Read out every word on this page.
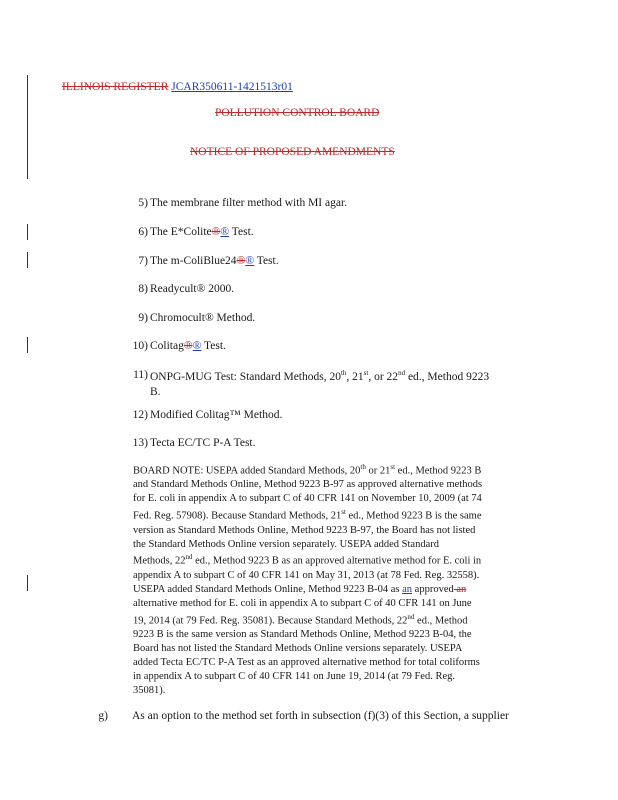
ILLINOIS REGISTER JCAR350611-1421513r01
POLLUTION CONTROL BOARD
NOTICE OF PROPOSED AMENDMENTS
5) The membrane filter method with MI agar.
6) The E*Colite®® Test.
7) The m-ColiBlue24®® Test.
8) Readycult® 2000.
9) Chromocult® Method.
10) Colitag®® Test.
11) ONPG-MUG Test: Standard Methods, 20th, 21st, or 22nd ed., Method 9223
B.
12) Modified Colitag™ Method.
13) Tecta EC/TC P-A Test.
BOARD NOTE: USEPA added Standard Methods, 20th or 21st ed., Method 9223 B
and Standard Methods Online, Method 9223 B-97 as approved alternative methods
for E. coli in appendix A to subpart C of 40 CFR 141 on November 10, 2009 (at 74
Fed. Reg. 57908). Because Standard Methods, 21st ed., Method 9223 B is the same
version as Standard Methods Online, Method 9223 B-97, the Board has not listed
the Standard Methods Online version separately. USEPA added Standard
Methods, 22nd ed., Method 9223 B as an approved alternative method for E. coli in
appendix A to subpart C of 40 CFR 141 on May 31, 2013 (at 78 Fed. Reg. 32558).
USEPA added Standard Methods Online, Method 9223 B-04 as an approved an
alternative method for E. coli in appendix A to subpart C of 40 CFR 141 on June
19, 2014 (at 79 Fed. Reg. 35081). Because Standard Methods, 22nd ed., Method
9223 B is the same version as Standard Methods Online, Method 9223 B-04, the
Board has not listed the Standard Methods Online versions separately. USEPA
added Tecta EC/TC P-A Test as an approved alternative method for total coliforms
in appendix A to subpart C of 40 CFR 141 on June 19, 2014 (at 79 Fed. Reg.
35081).
g) As an option to the method set forth in subsection (f)(3) of this Section, a supplier
